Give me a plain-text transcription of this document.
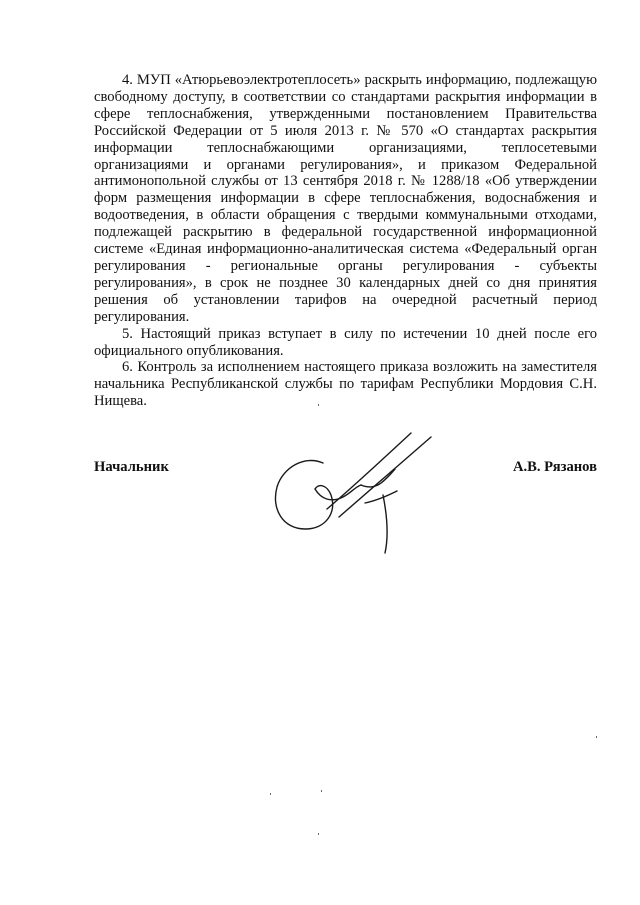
4. МУП «Атюрьевоэлектротеплосеть» раскрыть информацию, подлежащую свободному доступу, в соответствии со стандартами раскрытия информации в сфере теплоснабжения, утвержденными постановлением Правительства Российской Федерации от 5 июля 2013 г. № 570 «О стандартах раскрытия информации теплоснабжающими организациями, теплосетевыми организациями и органами регулирования», и приказом Федеральной антимонопольной службы от 13 сентября 2018 г. № 1288/18 «Об утверждении форм размещения информации в сфере теплоснабжения, водоснабжения и водоотведения, в области обращения с твердыми коммунальными отходами, подлежащей раскрытию в федеральной государственной информационной системе «Единая информационно-аналитическая система «Федеральный орган регулирования - региональные органы регулирования - субъекты регулирования», в срок не позднее 30 календарных дней со дня принятия решения об установлении тарифов на очередной расчетный период регулирования.

5. Настоящий приказ вступает в силу по истечении 10 дней после его официального опубликования.

6. Контроль за исполнением настоящего приказа возложить на заместителя начальника Республиканской службы по тарифам Республики Мордовия С.Н. Нищева.

Начальник	А.В. Рязанов
